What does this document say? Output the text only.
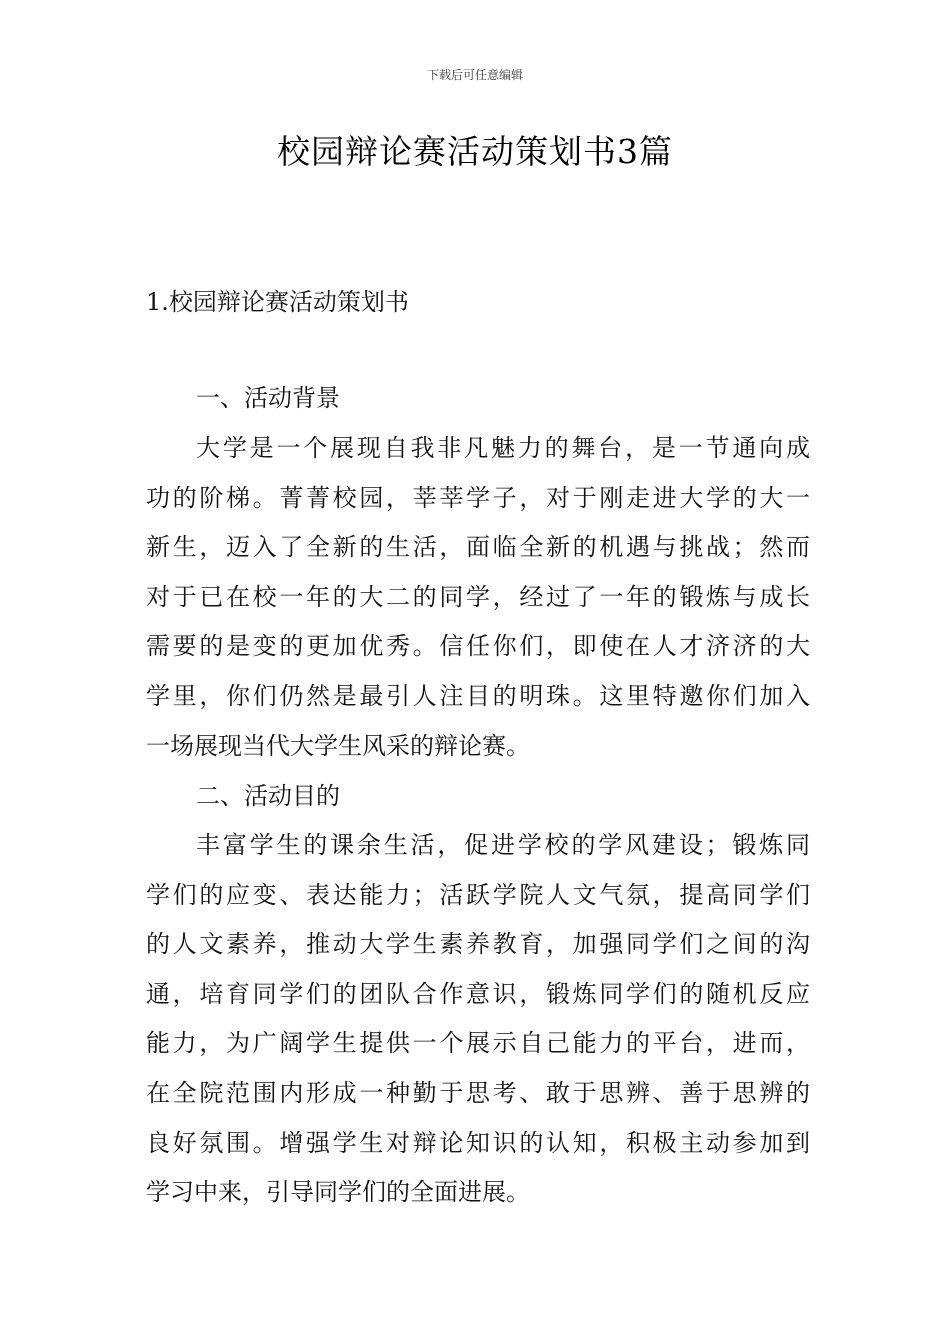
下载后可任意编辑
校园辩论赛活动策划书3篇
1.校园辩论赛活动策划书
一、活动背景
大学是一个展现自我非凡魅力的舞台，是一节通向成
功的阶梯。菁菁校园，莘莘学子，对于刚走进大学的大一
新生，迈入了全新的生活，面临全新的机遇与挑战；然而
对于已在校一年的大二的同学，经过了一年的锻炼与成长
需要的是变的更加优秀。信任你们，即使在人才济济的大
学里，你们仍然是最引人注目的明珠。这里特邀你们加入
一场展现当代大学生风采的辩论赛。
二、活动目的
丰富学生的课余生活，促进学校的学风建设；锻炼同
学们的应变、表达能力；活跃学院人文气氛，提高同学们
的人文素养，推动大学生素养教育，加强同学们之间的沟
通，培育同学们的团队合作意识，锻炼同学们的随机反应
能力，为广阔学生提供一个展示自己能力的平台，进而，
在全院范围内形成一种勤于思考、敢于思辨、善于思辨的
良好氛围。增强学生对辩论知识的认知，积极主动参加到
学习中来，引导同学们的全面进展。
